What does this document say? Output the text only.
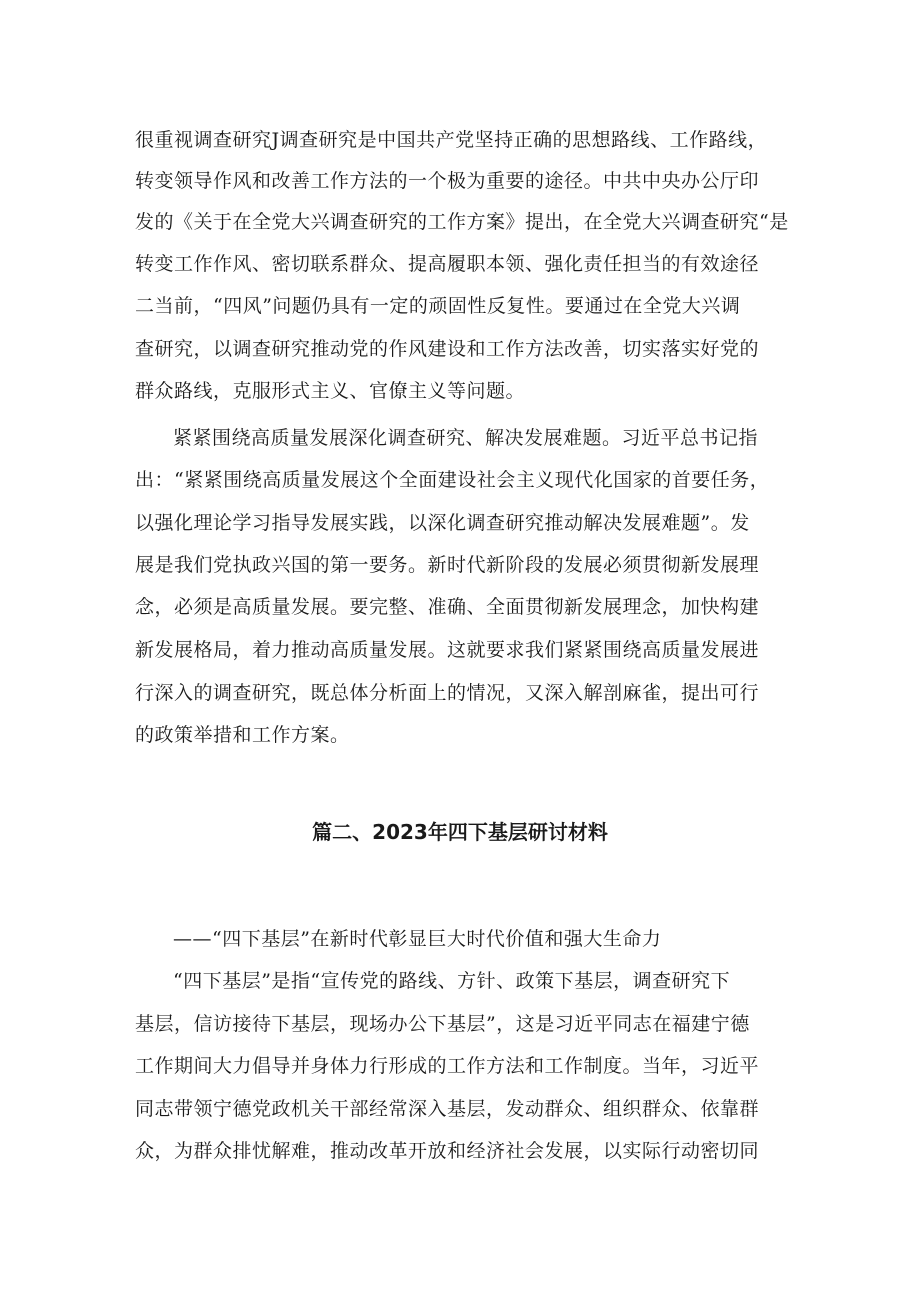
很重视调查研究J调查研究是中国共产党坚持正确的思想路线、工作路线，
转变领导作风和改善工作方法的一个极为重要的途径。中共中央办公厅印
发的《关于在全党大兴调查研究的工作方案》提出，在全党大兴调查研究“是
转变工作作风、密切联系群众、提高履职本领、强化责任担当的有效途径
二当前，“四风”问题仍具有一定的顽固性反复性。要通过在全党大兴调
查研究，以调查研究推动党的作风建设和工作方法改善，切实落实好党的
群众路线，克服形式主义、官僚主义等问题。
紧紧围绕高质量发展深化调查研究、解决发展难题。习近平总书记指
出：“紧紧围绕高质量发展这个全面建设社会主义现代化国家的首要任务，
以强化理论学习指导发展实践，以深化调查研究推动解决发展难题”。发
展是我们党执政兴国的第一要务。新时代新阶段的发展必须贯彻新发展理
念，必须是高质量发展。要完整、准确、全面贯彻新发展理念，加快构建
新发展格局，着力推动高质量发展。这就要求我们紧紧围绕高质量发展进
行深入的调查研究，既总体分析面上的情况，又深入解剖麻雀，提出可行
的政策举措和工作方案。
篇二、2023年四下基层研讨材料
——“四下基层”在新时代彰显巨大时代价值和强大生命力
“四下基层”是指“宣传党的路线、方针、政策下基层，调查研究下
基层，信访接待下基层，现场办公下基层”，这是习近平同志在福建宁德
工作期间大力倡导并身体力行形成的工作方法和工作制度。当年，习近平
同志带领宁德党政机关干部经常深入基层，发动群众、组织群众、依靠群
众，为群众排忧解难，推动改革开放和经济社会发展，以实际行动密切同
